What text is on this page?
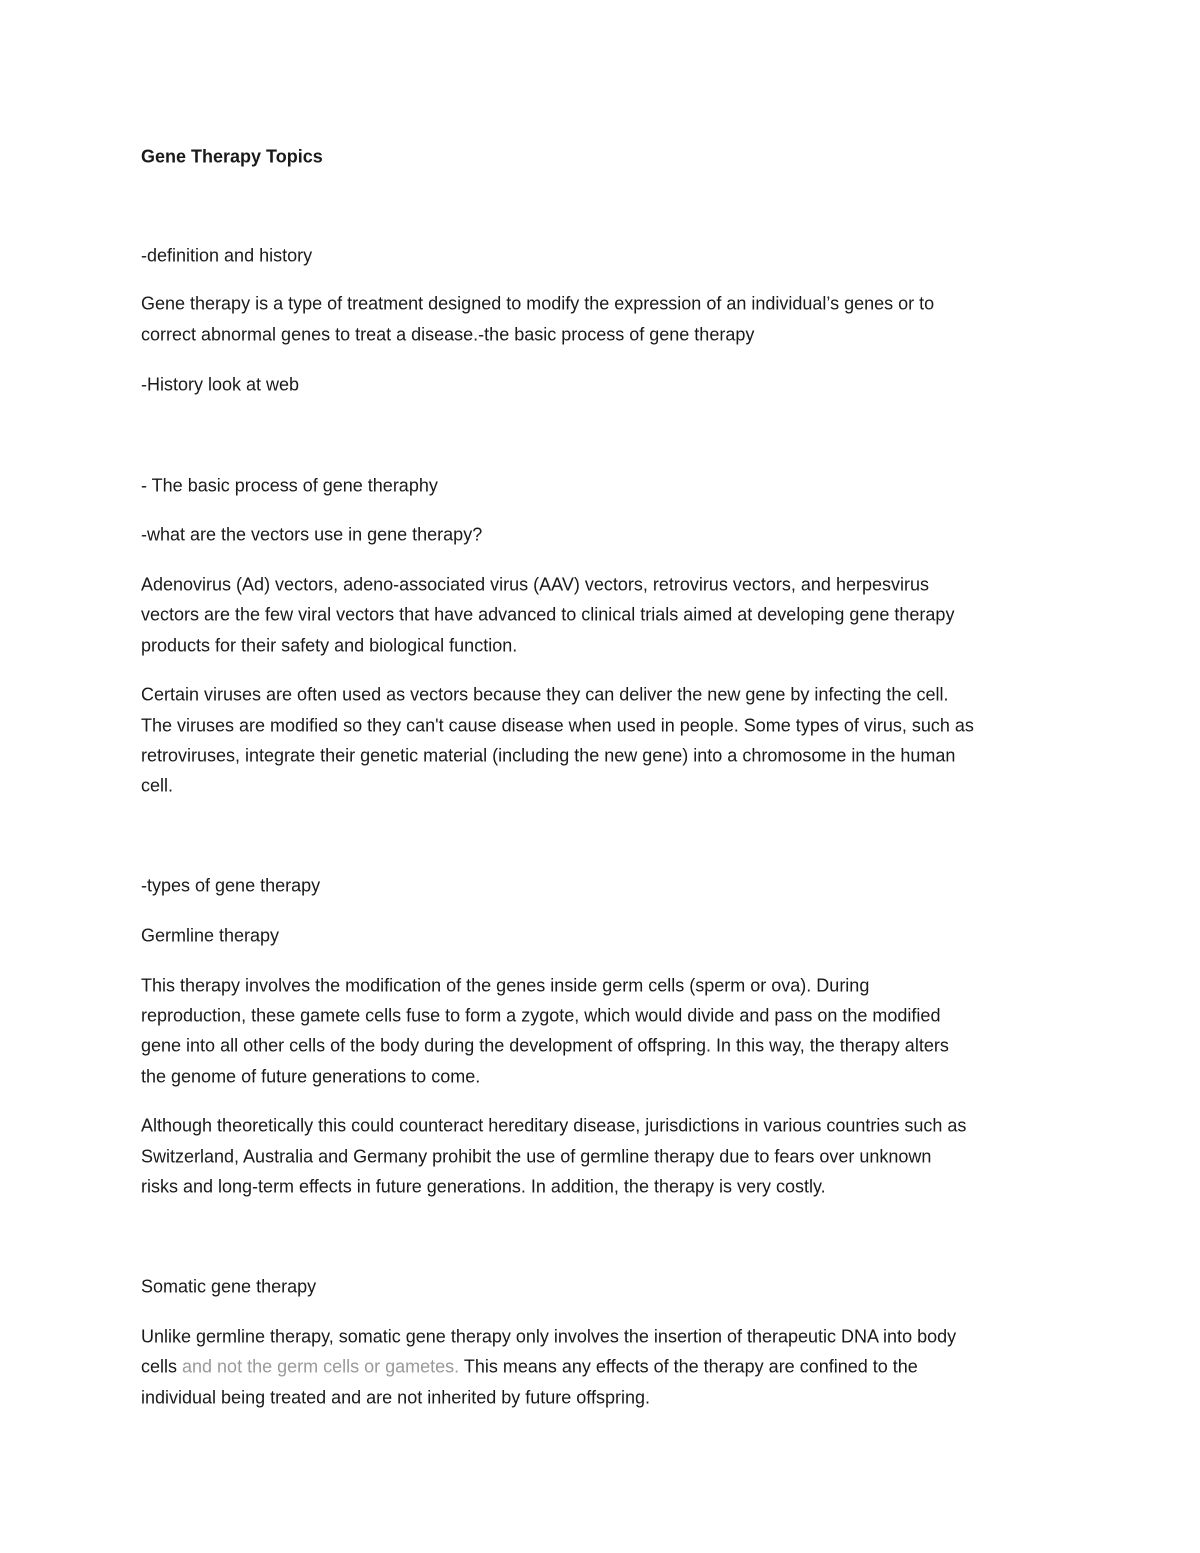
Gene Therapy Topics

-definition and history

Gene therapy is a type of treatment designed to modify the expression of an individual’s genes or to

correct abnormal genes to treat a disease.-the basic process of gene therapy

-History look at web

- The basic process of gene theraphy

-what are the vectors use in gene therapy?

Adenovirus (Ad) vectors, adeno-associated virus (AAV) vectors, retrovirus vectors, and herpesvirus

vectors are the few viral vectors that have advanced to clinical trials aimed at developing gene therapy

products for their safety and biological function.

Certain viruses are often used as vectors because they can deliver the new gene by infecting the cell.

The viruses are modified so they can't cause disease when used in people. Some types of virus, such as

retroviruses, integrate their genetic material (including the new gene) into a chromosome in the human

cell.

-types of gene therapy

Germline therapy

This therapy involves the modification of the genes inside germ cells (sperm or ova). During

reproduction, these gamete cells fuse to form a zygote, which would divide and pass on the modified

gene into all other cells of the body during the development of offspring. In this way, the therapy alters

the genome of future generations to come.

Although theoretically this could counteract hereditary disease, jurisdictions in various countries such as

Switzerland, Australia and Germany prohibit the use of germline therapy due to fears over unknown

risks and long-term effects in future generations. In addition, the therapy is very costly.

Somatic gene therapy

Unlike germline therapy, somatic gene therapy only involves the insertion of therapeutic DNA into body

cells and not the germ cells or gametes. This means any effects of the therapy are confined to the

individual being treated and are not inherited by future offspring.
